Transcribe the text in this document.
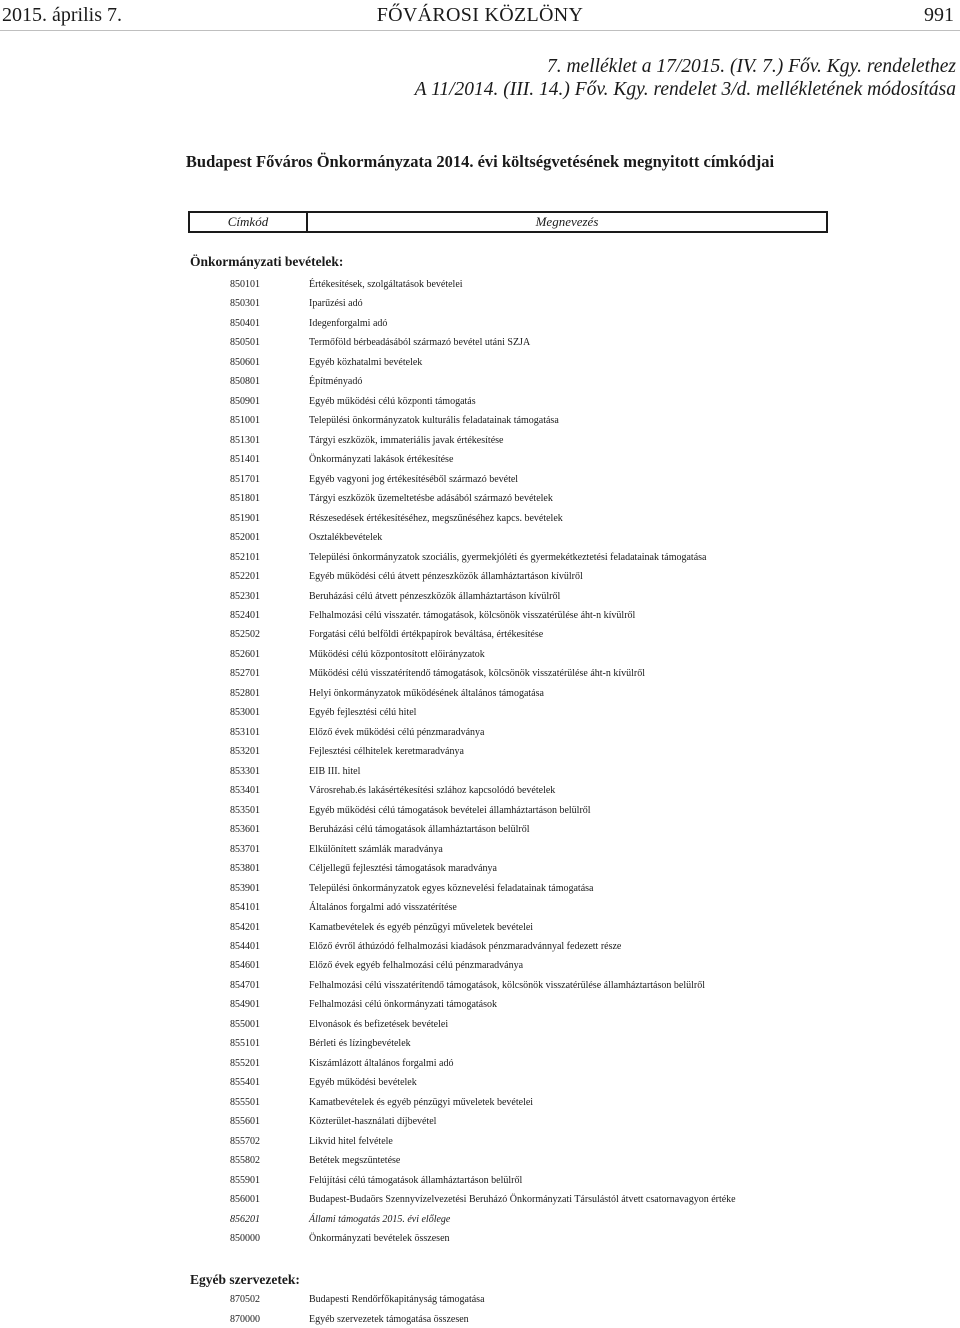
2015. április 7.	FŐVÁROSI KÖZLÖNY	991
7. melléklet a 17/2015. (IV. 7.) Főv. Kgy. rendelethez
A 11/2014. (III. 14.) Főv. Kgy. rendelet 3/d. mellékletének módosítása
Budapest Főváros Önkormányzata 2014. évi költségvetésének megnyitott címkódjai
Címkód	Megnevezés
Önkormányzati bevételek:
Egyéb szervezetek:
850101	Értékesítések, szolgáltatások bevételei
850301	Iparűzési adó
850401	Idegenforgalmi adó
850501	Termőföld bérbeadásából származó bevétel utáni SZJA
850601	Egyéb közhatalmi bevételek
850801	Építményadó
850901	Egyéb működési célú központi támogatás
851001	Települési önkormányzatok kulturális feladatainak támogatása
851301	Tárgyi eszközök, immateriális javak értékesítése
851401	Önkormányzati lakások értékesítése
851701	Egyéb vagyoni jog értékesítéséből származó bevétel
851801	Tárgyi eszközök üzemeltetésbe adásából származó bevételek
851901	Részesedések értékesítéséhez, megszűnéséhez kapcs. bevételek
852001	Osztalékbevételek
852101	Települési önkormányzatok szociális, gyermekjóléti és gyermekétkeztetési feladatainak támogatása
852201	Egyéb működési célú átvett pénzeszközök államháztartáson kívülről
852301	Beruházási célú átvett pénzeszközök államháztartáson kívülről
852401	Felhalmozási célú visszatér. támogatások, kölcsönök visszatérülése áht-n kívülről
852502	Forgatási célú belföldi értékpapírok beváltása, értékesítése
852601	Működési célú központosított előirányzatok
852701	Működési célú visszatérítendő támogatások, kölcsönök visszatérülése áht-n kívülről
852801	Helyi önkormányzatok működésének általános támogatása
853001	Egyéb fejlesztési célú hitel
853101	Előző évek működési célú pénzmaradványa
853201	Fejlesztési célhitelek keretmaradványa
853301	EIB III. hitel
853401	Városrehab.és lakásértékesítési szlához kapcsolódó bevételek
853501	Egyéb működési célú támogatások bevételei államháztartáson belülről
853601	Beruházási célú támogatások államháztartáson belülről
853701	Elkülönített számlák maradványa
853801	Céljellegű fejlesztési támogatások maradványa
853901	Települési önkormányzatok egyes köznevelési feladatainak támogatása
854101	Általános forgalmi adó visszatérítése
854201	Kamatbevételek és egyéb pénzügyi műveletek bevételei
854401	Előző évről áthúzódó felhalmozási kiadások pénzmaradvánnyal fedezett része
854601	Előző évek egyéb felhalmozási célú pénzmaradványa
854701	Felhalmozási célú visszatérítendő támogatások, kölcsönök visszatérülése államháztartáson belülről
854901	Felhalmozási célú önkormányzati támogatások
855001	Elvonások és befizetések bevételei
855101	Bérleti és lízingbevételek
855201	Kiszámlázott általános forgalmi adó
855401	Egyéb működési bevételek
855501	Kamatbevételek és egyéb pénzügyi műveletek bevételei
855601	Közterület-használati díjbevétel
855702	Likvid hitel felvétele
855802	Betétek megszüntetése
855901	Felújítási célú támogatások államháztartáson belülről
856001	Budapest-Budaörs Szennyvízelvezetési Beruházó Önkormányzati Társulástól átvett csatornavagyon értéke
856201	Állami támogatás 2015. évi előlege
850000	Önkormányzati bevételek összesen
870502	Budapesti Rendőrfőkapitányság támogatása
870000	Egyéb szervezetek támogatása összesen
